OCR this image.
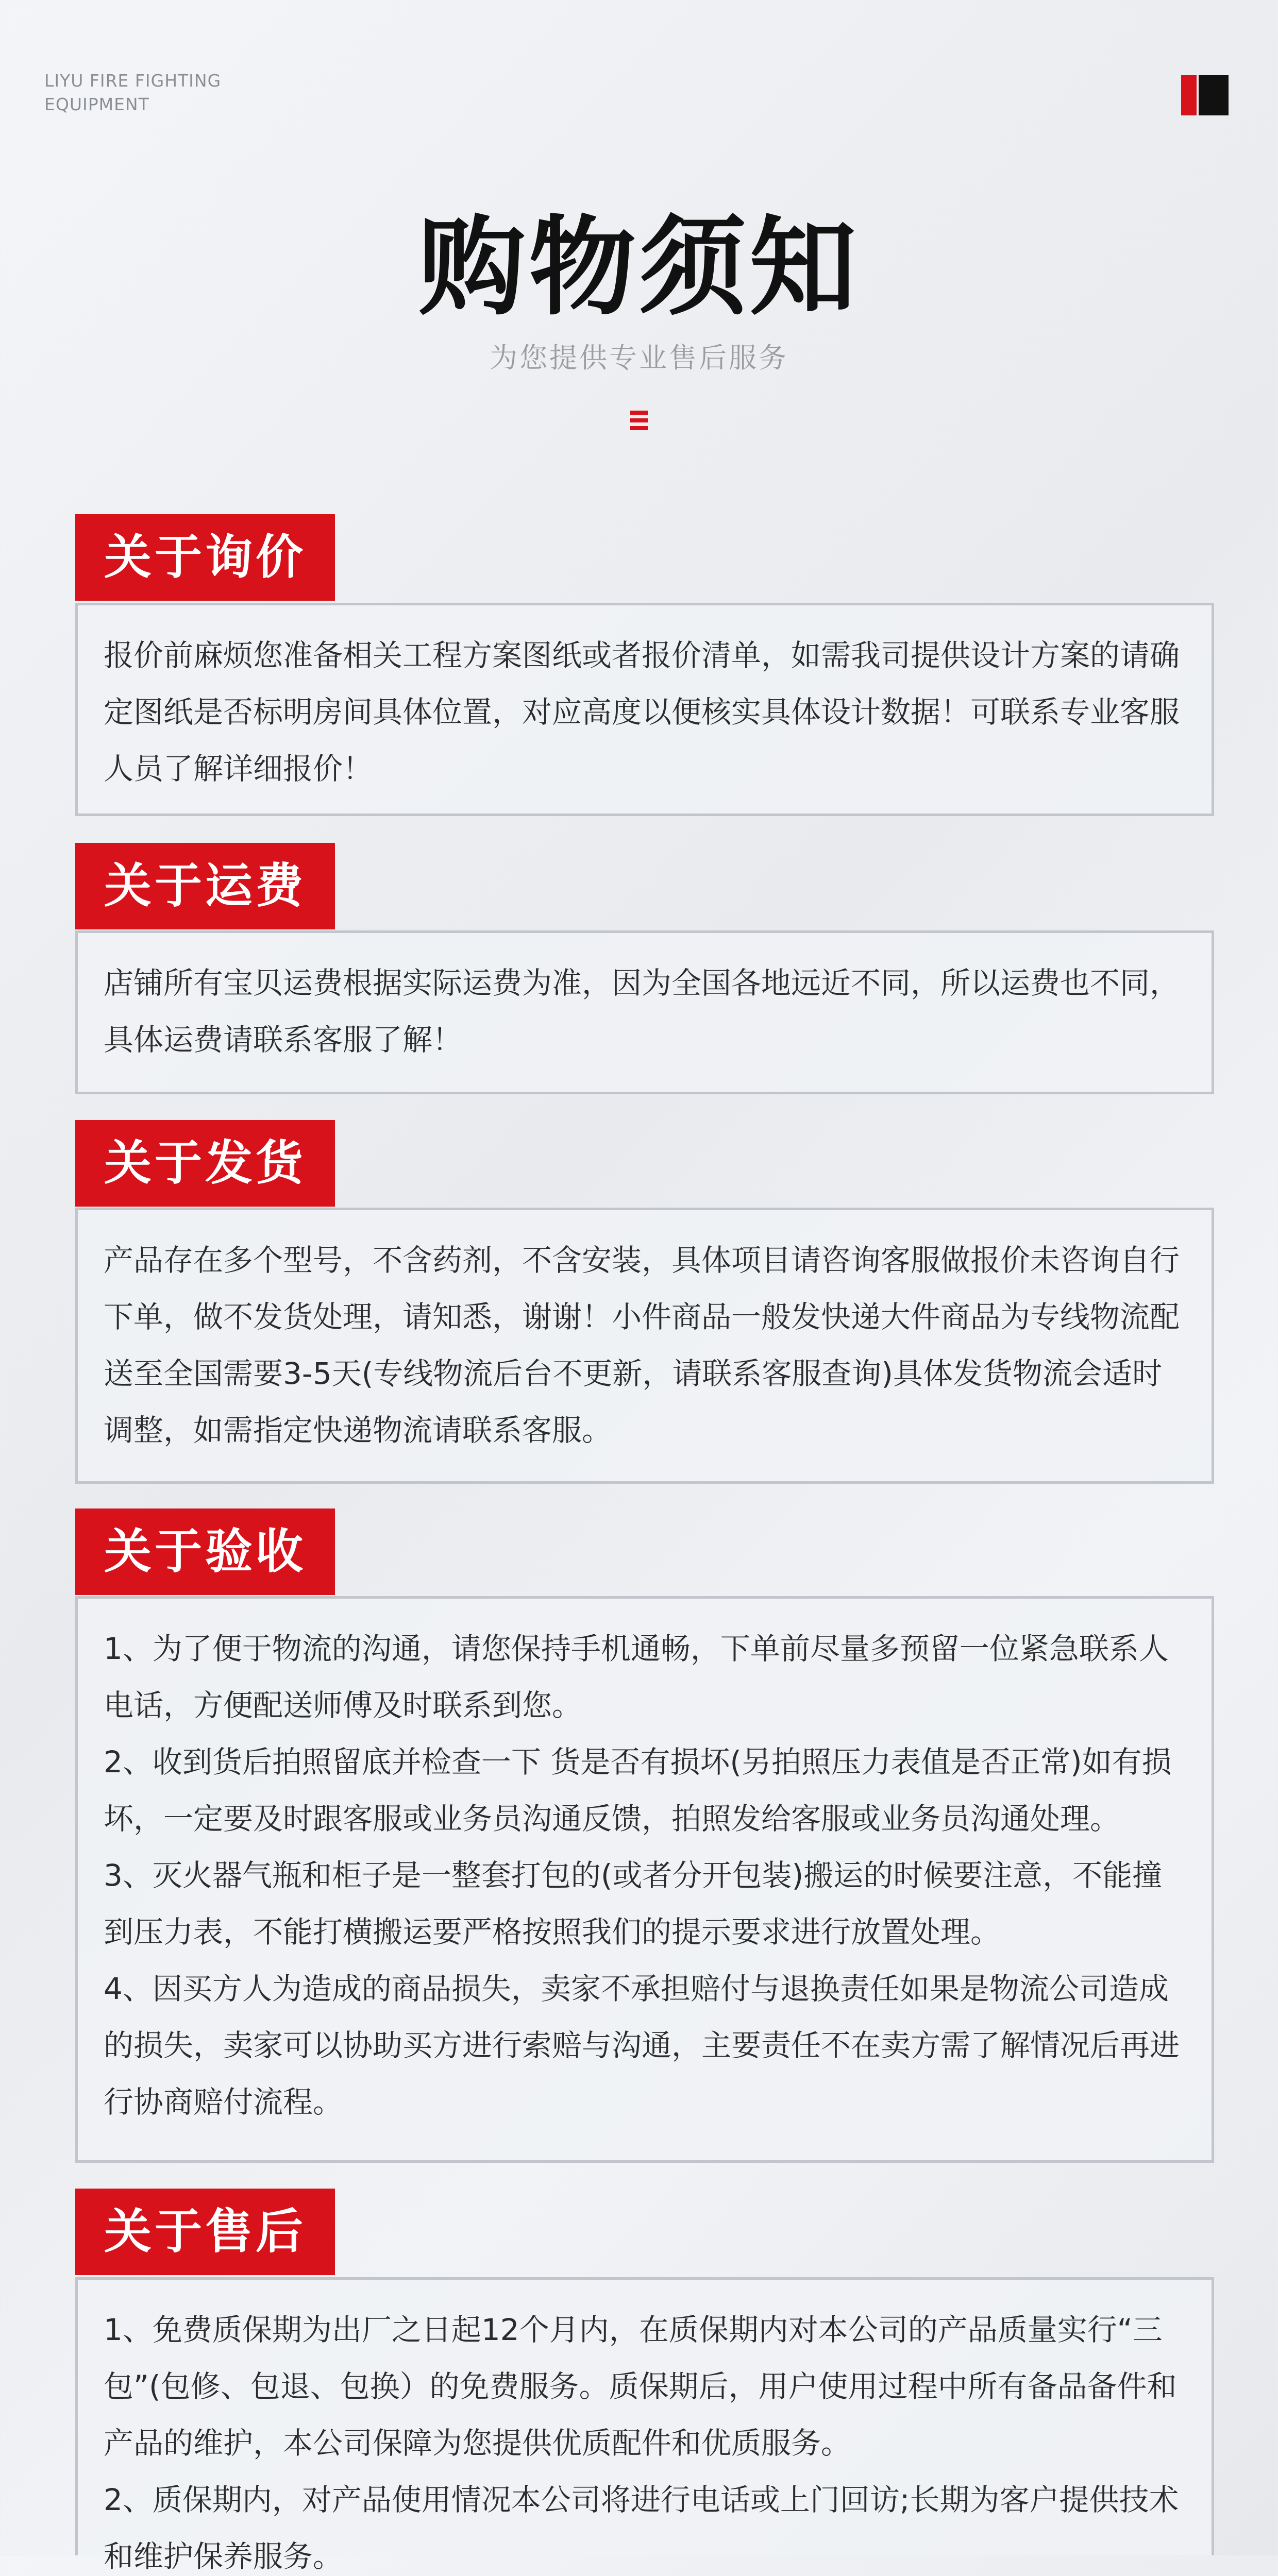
LIYU FIRE FIGHTING
EQUIPMENT
购物须知
为您提供专业售后服务
关于询价

报价前麻烦您准备相关工程方案图纸或者报价清单，如需我司提供设计方案的请确定图纸是否标明房间具体位置，对应高度以便核实具体设计数据！可联系专业客服人员了解详细报价！

关于运费

店铺所有宝贝运费根据实际运费为准，因为全国各地远近不同，所以运费也不同，具体运费请联系客服了解！

关于发货

产品存在多个型号，不含药剂，不含安装，具体项目请咨询客服做报价未咨询自行下单，做不发货处理，请知悉，谢谢！小件商品一般发快递大件商品为专线物流配送至全国需要3-5天(专线物流后台不更新，请联系客服查询)具体发货物流会适时调整，如需指定快递物流请联系客服。

关于验收

1、为了便于物流的沟通，请您保持手机通畅，下单前尽量多预留一位紧急联系人电话，方便配送师傅及时联系到您。

2、收到货后拍照留底并检查一下 货是否有损坏(另拍照压力表值是否正常)如有损坏，一定要及时跟客服或业务员沟通反馈，拍照发给客服或业务员沟通处理。

3、灭火器气瓶和柜子是一整套打包的(或者分开包装)搬运的时候要注意，不能撞到压力表，不能打横搬运要严格按照我们的提示要求进行放置处理。

4、因买方人为造成的商品损失，卖家不承担赔付与退换责任如果是物流公司造成的损失，卖家可以协助买方进行索赔与沟通，主要责任不在卖方需了解情况后再进行协商赔付流程。

关于售后

1、免费质保期为出厂之日起12个月内，在质保期内对本公司的产品质量实行“三包”(包修、包退、包换）的免费服务。质保期后，用户使用过程中所有备品备件和产品的维护，本公司保障为您提供优质配件和优质服务。

2、质保期内，对产品使用情况本公司将进行电话或上门回访;长期为客户提供技术和维护保养服务。
